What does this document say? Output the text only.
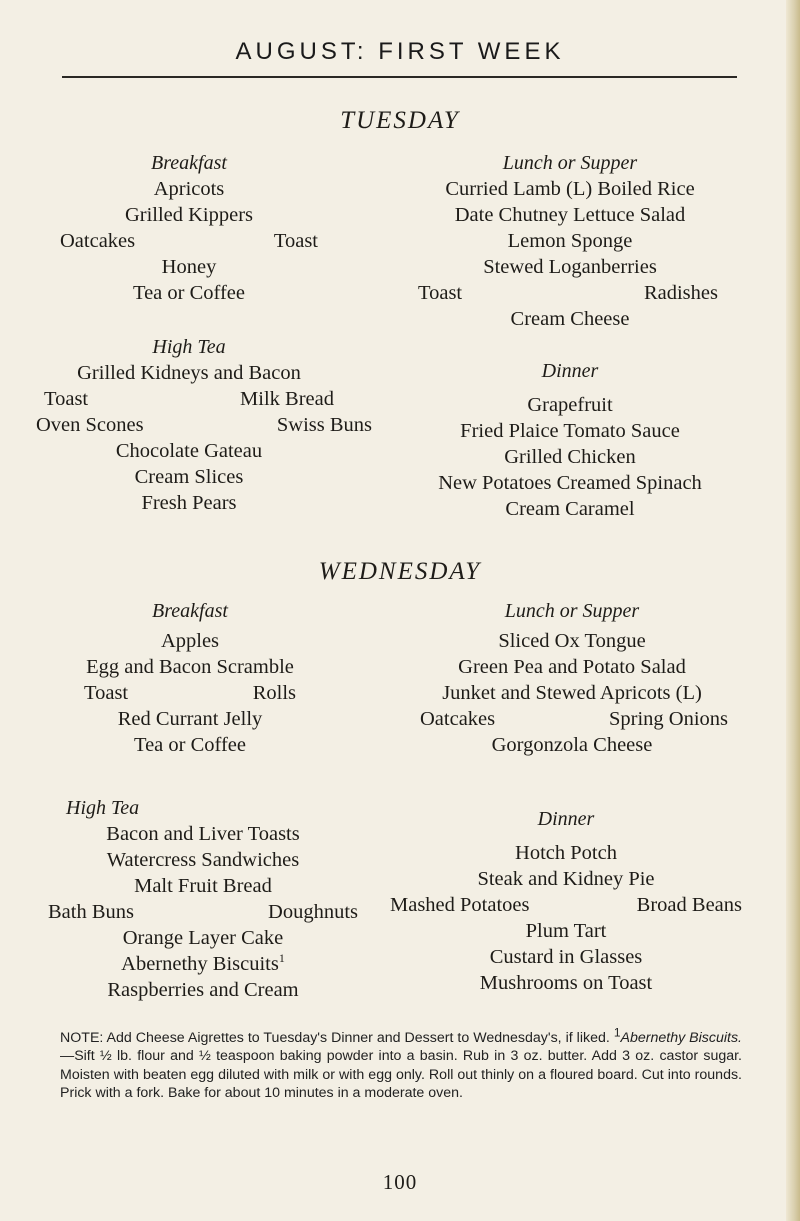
AUGUST: FIRST WEEK
TUESDAY
Breakfast
Apricots
Grilled Kippers
Oatcakes	Toast
Honey
Tea or Coffee
High Tea
Grilled Kidneys and Bacon
Toast	Milk Bread
Oven Scones	Swiss Buns
Chocolate Gateau
Cream Slices
Fresh Pears
Lunch or Supper
Curried Lamb (L) Boiled Rice
Date Chutney Lettuce Salad
Lemon Sponge
Stewed Loganberries
Toast	Radishes
Cream Cheese
Dinner
Grapefruit
Fried Plaice Tomato Sauce
Grilled Chicken
New Potatoes Creamed Spinach
Cream Caramel
WEDNESDAY
Breakfast
Apples
Egg and Bacon Scramble
Toast	Rolls
Red Currant Jelly
Tea or Coffee
High Tea
Bacon and Liver Toasts
Watercress Sandwiches
Malt Fruit Bread
Bath Buns	Doughnuts
Orange Layer Cake
Abernethy Biscuits$^1$
Raspberries and Cream
Lunch or Supper
Sliced Ox Tongue
Green Pea and Potato Salad
Junket and Stewed Apricots (L)
Oatcakes	Spring Onions
Gorgonzola Cheese
Dinner
Hotch Potch
Steak and Kidney Pie
Mashed Potatoes	Broad Beans
Plum Tart
Custard in Glasses
Mushrooms on Toast
NOTE: Add Cheese Aigrettes to Tuesday's Dinner and Dessert to Wednesday's, if liked. $^1$Abernethy Biscuits.—Sift ½ lb. flour and ½ teaspoon baking powder into a basin. Rub in 3 oz. butter. Add 3 oz. castor sugar. Moisten with beaten egg diluted with milk or with egg only. Roll out thinly on a floured board. Cut into rounds. Prick with a fork. Bake for about 10 minutes in a moderate oven.
100
